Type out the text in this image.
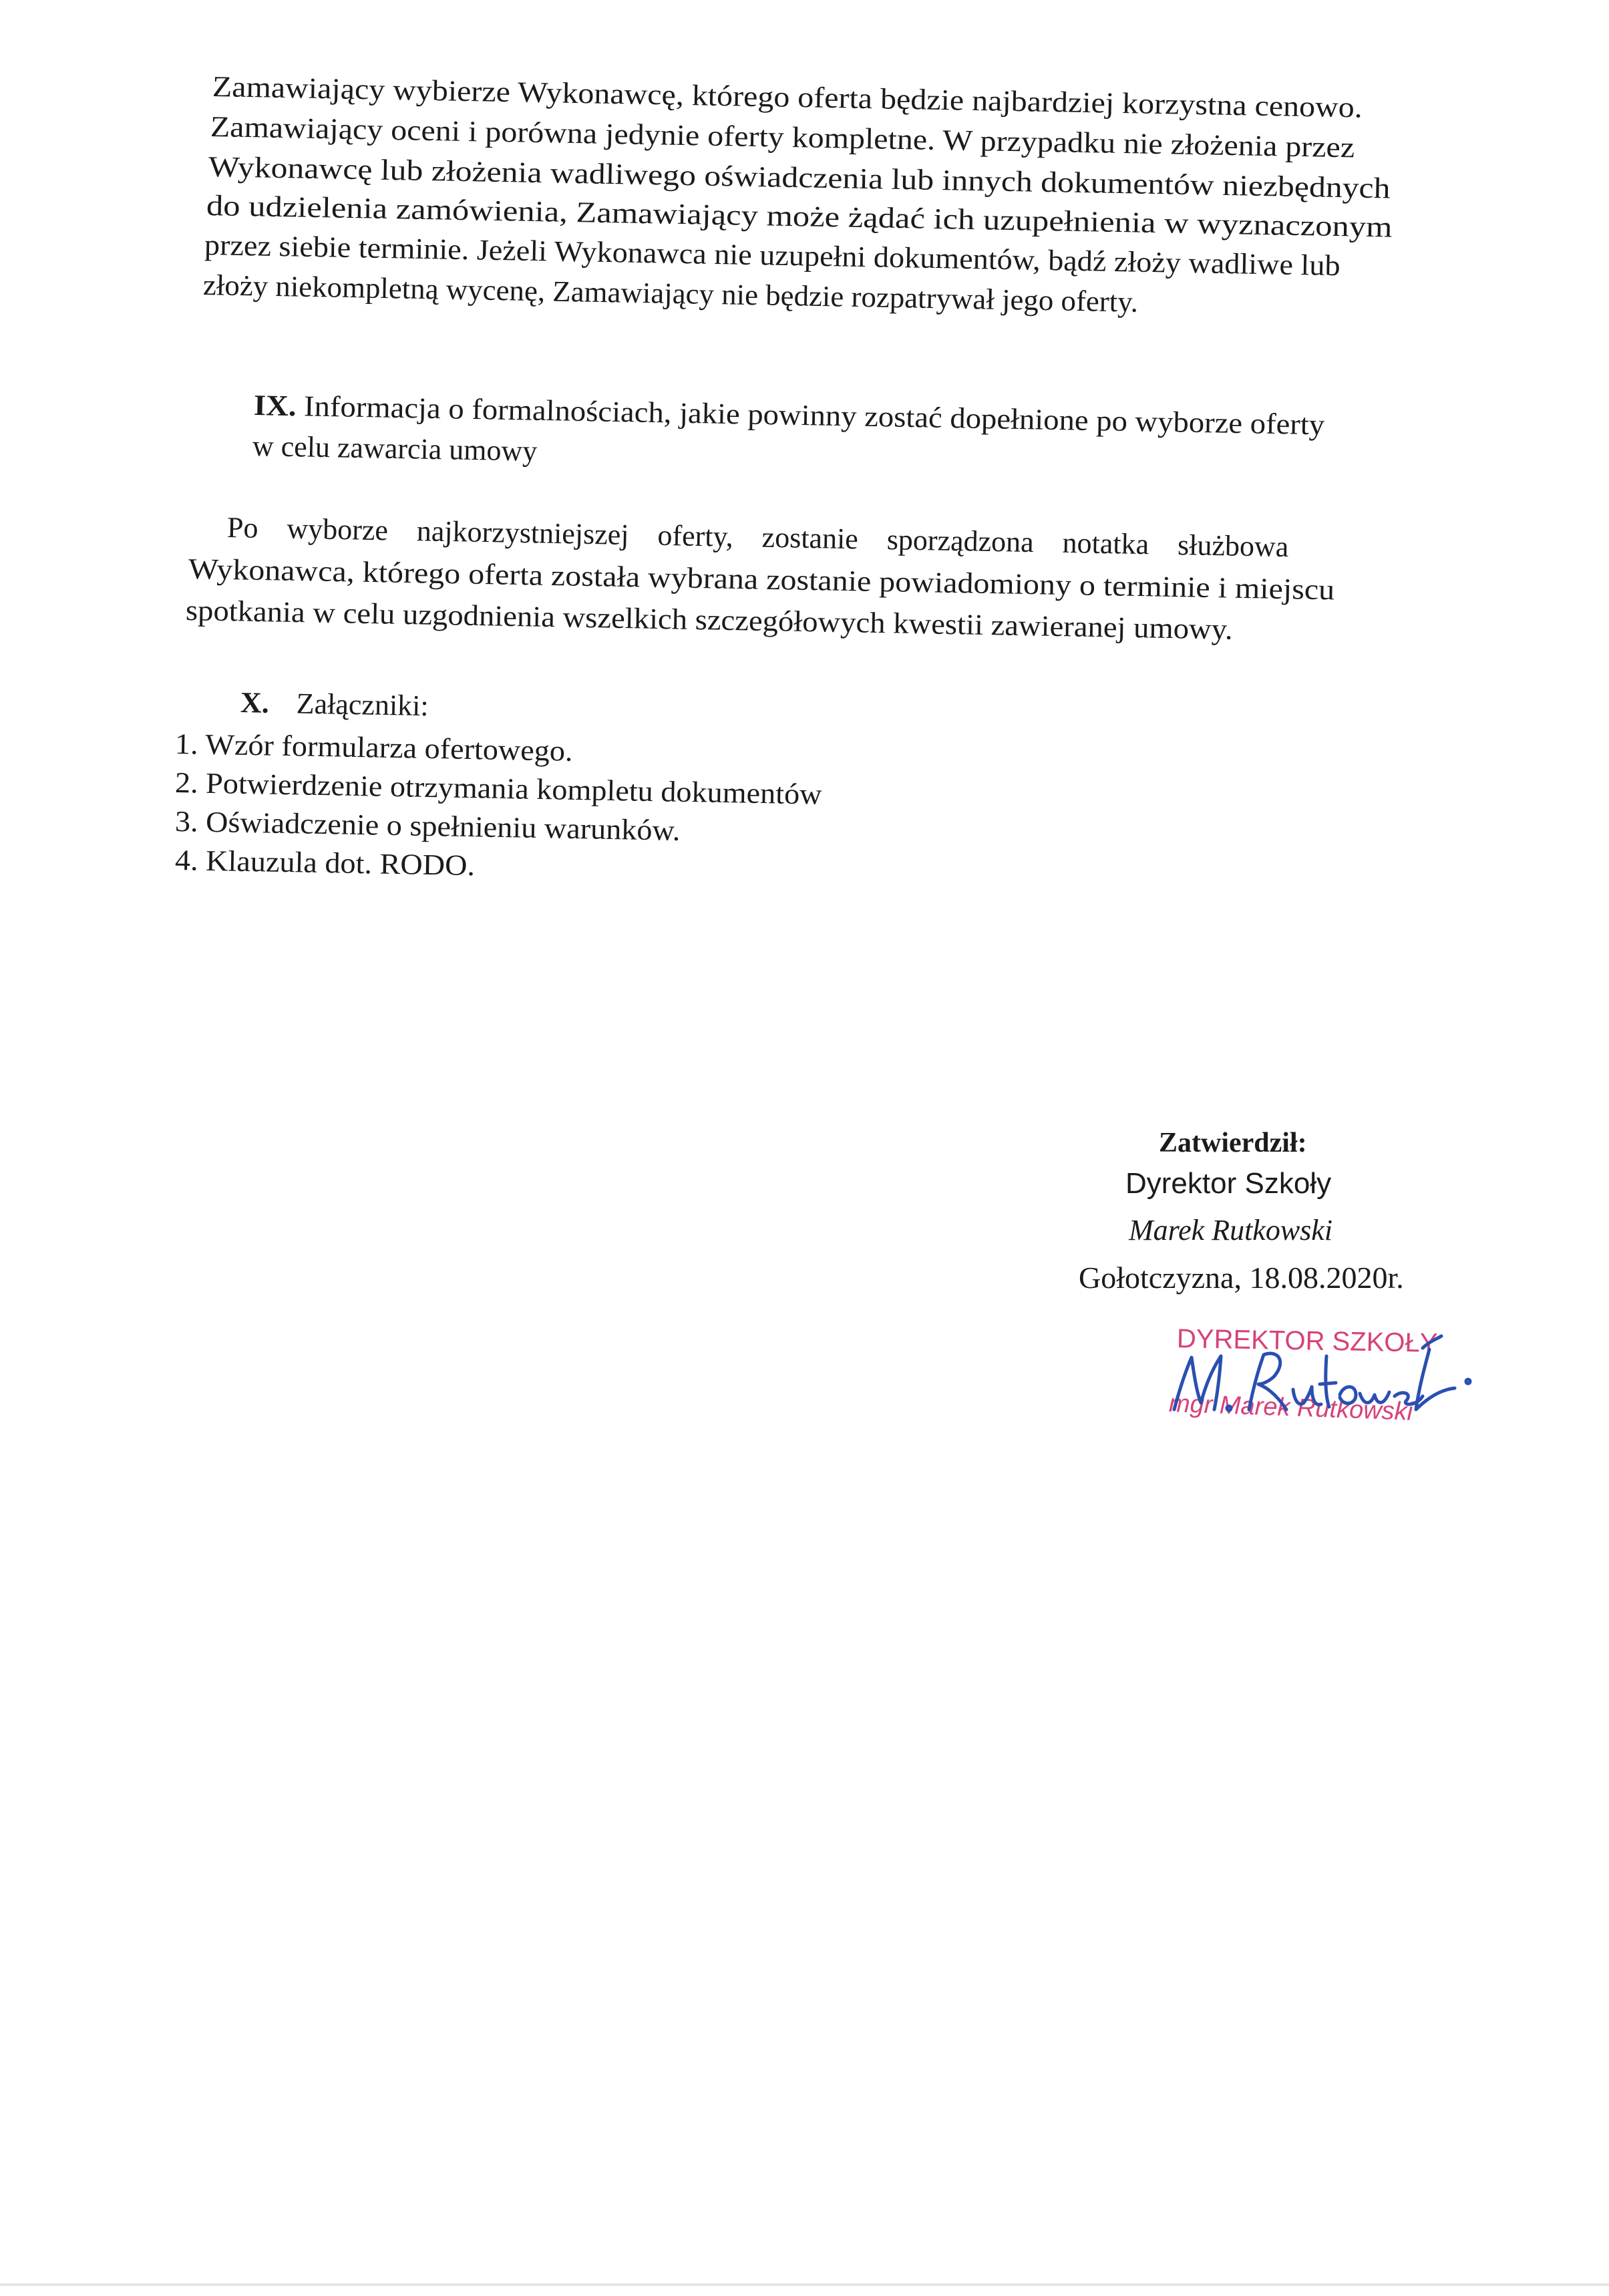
Zamawiający wybierze Wykonawcę, którego oferta będzie najbardziej korzystna cenowo.
Zamawiający oceni i porówna jedynie oferty kompletne. W przypadku nie złożenia przez
Wykonawcę lub złożenia wadliwego oświadczenia lub innych dokumentów niezbędnych
do udzielenia zamówienia, Zamawiający może żądać ich uzupełnienia w wyznaczonym
przez siebie terminie. Jeżeli Wykonawca nie uzupełni dokumentów, bądź złoży wadliwe lub
złoży niekompletną wycenę, Zamawiający nie będzie rozpatrywał jego oferty.
IX. Informacja o formalnościach, jakie powinny zostać dopełnione po wyborze oferty
w celu zawarcia umowy
Po wyborze najkorzystniejszej oferty, zostanie sporządzona notatka służbowa
Wykonawca, którego oferta została wybrana zostanie powiadomiony o terminie i miejscu
spotkania w celu uzgodnienia wszelkich szczegółowych kwestii zawieranej umowy.
X. Załączniki:
1. Wzór formularza ofertowego.
2. Potwierdzenie otrzymania kompletu dokumentów
3. Oświadczenie o spełnieniu warunków.
4. Klauzula dot. RODO.
Zatwierdził:
Dyrektor Szkoły
Marek Rutkowski
Gołotczyzna, 18.08.2020r.
DYREKTOR SZKOŁY
mgr Marek Rutkowski
